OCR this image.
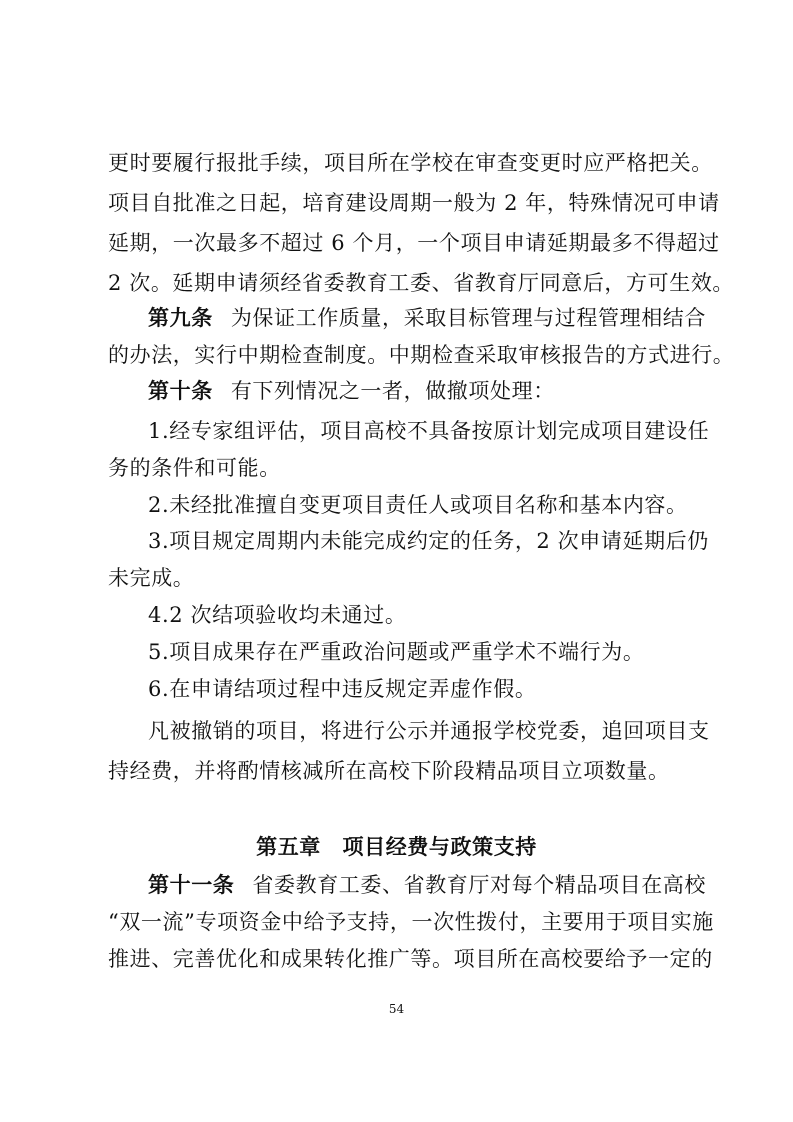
更时要履行报批手续，项目所在学校在审查变更时应严格把关。
项目自批准之日起，培育建设周期一般为 2 年，特殊情况可申请
延期，一次最多不超过 6 个月，一个项目申请延期最多不得超过
2 次。延期申请须经省委教育工委、省教育厅同意后，方可生效。
第九条 为保证工作质量，采取目标管理与过程管理相结合
的办法，实行中期检查制度。中期检查采取审核报告的方式进行。
第十条 有下列情况之一者，做撤项处理：
1.经专家组评估，项目高校不具备按原计划完成项目建设任
务的条件和可能。
2.未经批准擅自变更项目责任人或项目名称和基本内容。
3.项目规定周期内未能完成约定的任务，2 次申请延期后仍
未完成。
4.2 次结项验收均未通过。
5.项目成果存在严重政治问题或严重学术不端行为。
6.在申请结项过程中违反规定弄虚作假。
凡被撤销的项目，将进行公示并通报学校党委，追回项目支
持经费，并将酌情核减所在高校下阶段精品项目立项数量。
第五章　项目经费与政策支持
第十一条 省委教育工委、省教育厅对每个精品项目在高校
“双一流”专项资金中给予支持，一次性拨付，主要用于项目实施
推进、完善优化和成果转化推广等。项目所在高校要给予一定的
54
